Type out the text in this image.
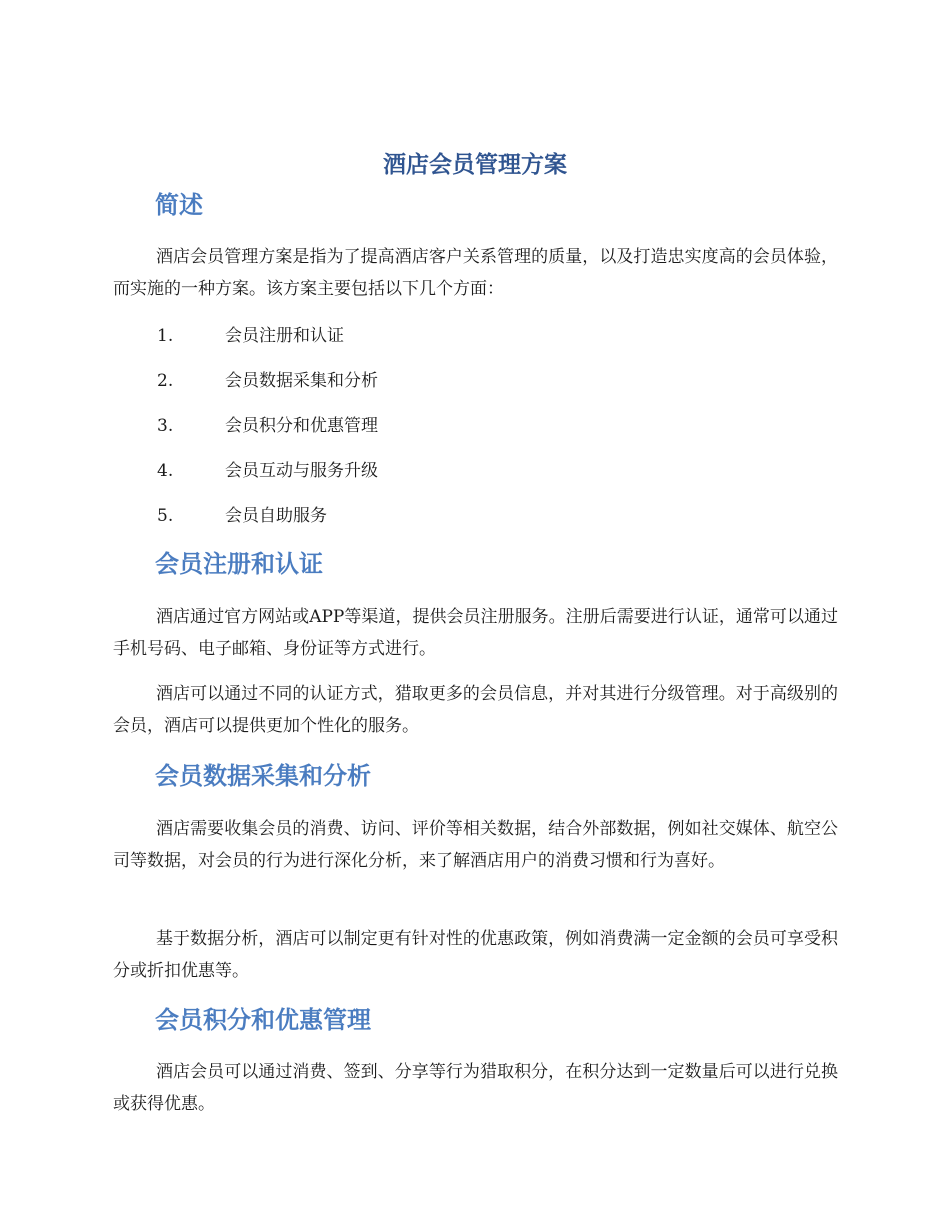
酒店会员管理方案
简述

酒店会员管理方案是指为了提高酒店客户关系管理的质量，以及打造忠实度高的会员体验，而实施的一种方案。该方案主要包括以下几个方面：

1.	会员注册和认证
2.	会员数据采集和分析
3.	会员积分和优惠管理
4.	会员互动与服务升级
5.	会员自助服务
会员注册和认证

酒店通过官方网站或APP等渠道，提供会员注册服务。注册后需要进行认证，通常可以通过手机号码、电子邮箱、身份证等方式进行。

酒店可以通过不同的认证方式，猎取更多的会员信息，并对其进行分级管理。对于高级别的会员，酒店可以提供更加个性化的服务。

会员数据采集和分析

酒店需要收集会员的消费、访问、评价等相关数据，结合外部数据，例如社交媒体、航空公司等数据，对会员的行为进行深化分析，来了解酒店用户的消费习惯和行为喜好。

基于数据分析，酒店可以制定更有针对性的优惠政策，例如消费满一定金额的会员可享受积分或折扣优惠等。

会员积分和优惠管理

酒店会员可以通过消费、签到、分享等行为猎取积分，在积分达到一定数量后可以进行兑换或获得优惠。
